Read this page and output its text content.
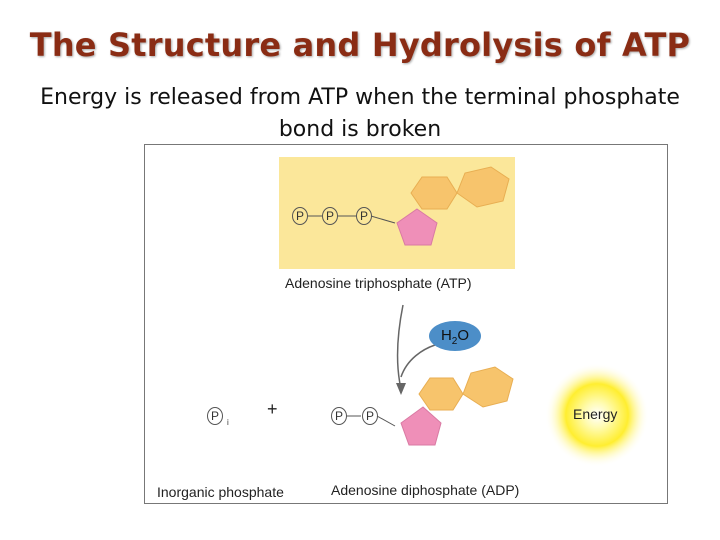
The Structure and Hydrolysis of ATP
Energy is released from ATP when the terminal phosphate bond is broken
P	P	P
Adenosine triphosphate (ATP)
$H_2O$
P	i
+	P	P	Energy
Inorganic phosphate	Adenosine diphosphate (ADP)
